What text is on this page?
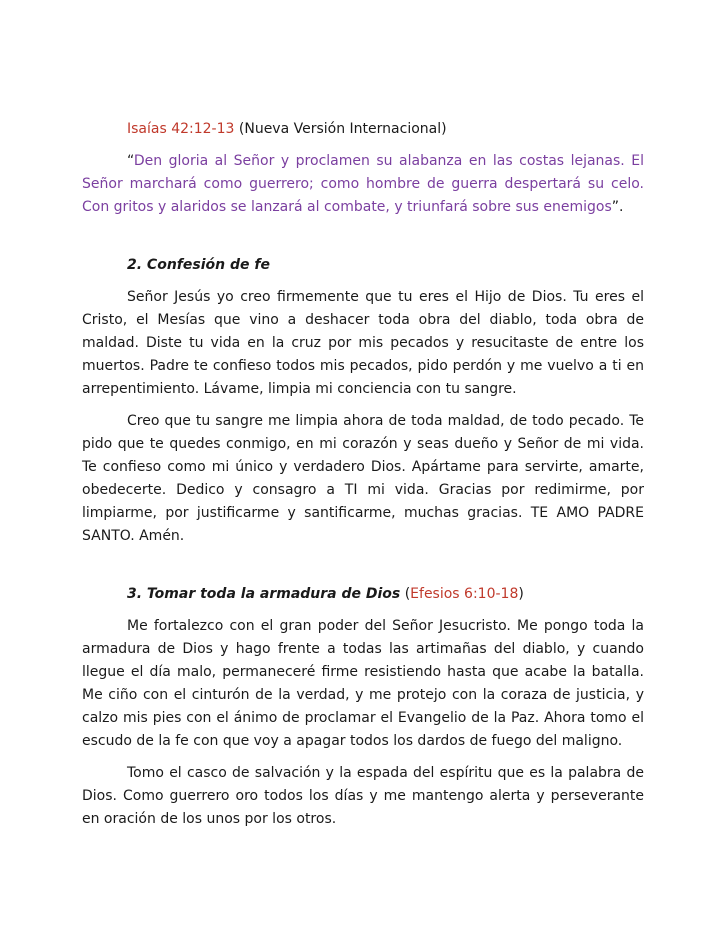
Isaías 42:12-13 (Nueva Versión Internacional)

“Den gloria al Señor y proclamen su alabanza en las costas lejanas. El Señor marchará como guerrero; como hombre de guerra despertará su celo. Con gritos y alaridos se lanzará al combate, y triunfará sobre sus enemigos”.

2. Confesión de fe

Señor Jesús yo creo firmemente que tu eres el Hijo de Dios. Tu eres el Cristo, el Mesías que vino a deshacer toda obra del diablo, toda obra de maldad. Diste tu vida en la cruz por mis pecados y resucitaste de entre los muertos. Padre te confieso todos mis pecados, pido perdón y me vuelvo a ti en arrepentimiento. Lávame, limpia mi conciencia con tu sangre.

Creo que tu sangre me limpia ahora de toda maldad, de todo pecado. Te pido que te quedes conmigo, en mi corazón y seas dueño y Señor de mi vida. Te confieso como mi único y verdadero Dios. Apártame para servirte, amarte, obedecerte. Dedico y consagro a TI mi vida. Gracias por redimirme, por limpiarme, por justificarme y santificarme, muchas gracias. TE AMO PADRE SANTO. Amén.

3. Tomar toda la armadura de Dios (Efesios 6:10-18)

Me fortalezco con el gran poder del Señor Jesucristo. Me pongo toda la armadura de Dios y hago frente a todas las artimañas del diablo, y cuando llegue el día malo, permaneceré firme resistiendo hasta que acabe la batalla. Me ciño con el cinturón de la verdad, y me protejo con la coraza de justicia, y calzo mis pies con el ánimo de proclamar el Evangelio de la Paz. Ahora tomo el escudo de la fe con que voy a apagar todos los dardos de fuego del maligno.

Tomo el casco de salvación y la espada del espíritu que es la palabra de Dios. Como guerrero oro todos los días y me mantengo alerta y perseverante en oración de los unos por los otros.
